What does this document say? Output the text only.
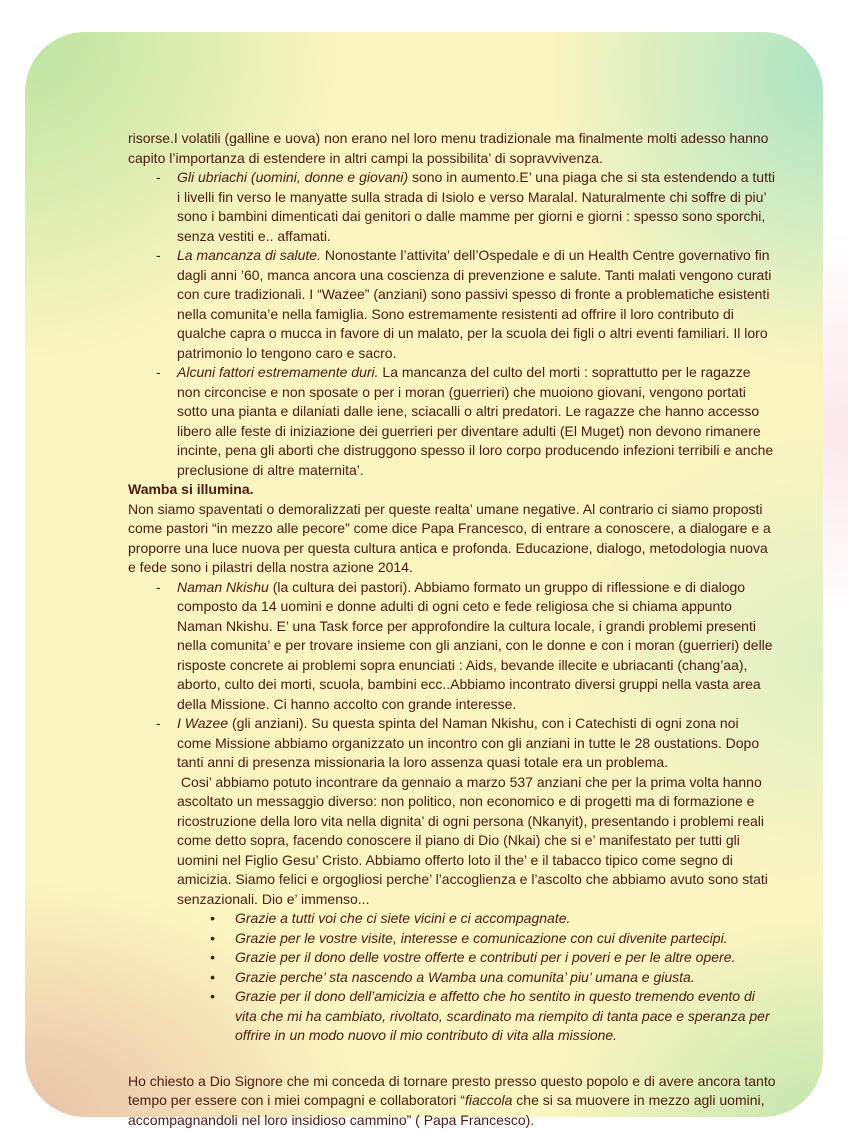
risorse.I volatili (galline e uova) non erano nel loro menu tradizionale ma finalmente molti adesso hanno capito l’importanza di estendere in altri campi la possibilita’ di sopravvivenza.

- Gli ubriachi (uomini, donne e giovani) sono in aumento.E’ una piaga che si sta estendendo a tutti i livelli fin verso le manyatte sulla strada di Isiolo e verso Maralal. Naturalmente chi soffre di piu’ sono i bambini dimenticati dai genitori o dalle mamme per giorni e giorni : spesso sono sporchi, senza vestiti e.. affamati.
- La mancanza di salute. Nonostante l’attivita’ dell’Ospedale e di un Health Centre governativo fin dagli anni ’60, manca ancora una coscienza di prevenzione e salute. Tanti malati vengono curati con cure tradizionali. I “Wazee” (anziani) sono passivi spesso di fronte a problematiche esistenti nella comunita’e nella famiglia. Sono estremamente resistenti ad offrire il loro contributo di qualche capra o mucca in favore di un malato, per la scuola dei figli o altri eventi familiari. Il loro patrimonio lo tengono caro e sacro.
- Alcuni fattori estremamente duri. La mancanza del culto del morti : soprattutto per le ragazze non circoncise e non sposate o per i moran (guerrieri) che muoiono giovani, vengono portati sotto una pianta e dilaniati dalle iene, sciacalli o altri predatori. Le ragazze che hanno accesso libero alle feste di iniziazione dei guerrieri per diventare adulti (El Muget) non devono rimanere incinte, pena gli aborti che distruggono spesso il loro corpo producendo infezioni terribili e anche preclusione di altre maternita’.

Wamba si illumina.

Non siamo spaventati o demoralizzati per queste realta’ umane negative. Al contrario ci siamo proposti come pastori “in mezzo alle pecore” come dice Papa Francesco, di entrare a conoscere, a dialogare e a proporre una luce nuova per questa cultura antica e profonda. Educazione, dialogo, metodologia nuova e fede sono i pilastri della nostra azione 2014.

- Naman Nkishu (la cultura dei pastori). Abbiamo formato un gruppo di riflessione e di dialogo composto da 14 uomini e donne adulti di ogni ceto e fede religiosa che si chiama appunto Naman Nkishu. E’ una Task force per approfondire la cultura locale, i grandi problemi presenti nella comunita’ e per trovare insieme con gli anziani, con le donne e con i moran (guerrieri) delle risposte concrete ai problemi sopra enunciati : Aids, bevande illecite e ubriacanti (chang’aa), aborto, culto dei morti, scuola, bambini ecc..Abbiamo incontrato diversi gruppi nella vasta area della Missione. Ci hanno accolto con grande interesse.
- I Wazee (gli anziani). Su questa spinta del Naman Nkishu, con i Catechisti di ogni zona noi come Missione abbiamo organizzato un incontro con gli anziani in tutte le 28 oustations. Dopo tanti anni di presenza missionaria la loro assenza quasi totale era un problema.
Cosi’ abbiamo potuto incontrare da gennaio a marzo 537 anziani che per la prima volta hanno ascoltato un messaggio diverso: non politico, non economico e di progetti ma di formazione e ricostruzione della loro vita nella dignita’ di ogni persona (Nkanyit), presentando i problemi reali come detto sopra, facendo conoscere il piano di Dio (Nkai) che si e’ manifestato per tutti gli uomini nel Figlio Gesu’ Cristo. Abbiamo offerto loto il the’ e il tabacco tipico come segno di amicizia. Siamo felici e orgogliosi perche’ l’accoglienza e l’ascolto che abbiamo avuto sono stati senzazionali. Dio e’ immenso...
• Grazie a tutti voi che ci siete vicini e ci accompagnate.
• Grazie per le vostre visite, interesse e comunicazione con cui divenite partecipi.
• Grazie per il dono delle vostre offerte e contributi per i poveri e per le altre opere.
• Grazie perche’ sta nascendo a Wamba una comunita’ piu’ umana e giusta.
• Grazie per il dono dell’amicizia e affetto che ho sentito in questo tremendo evento di vita che mi ha cambiato, rivoltato, scardinato ma riempito di tanta pace e speranza per offrire in un modo nuovo il mio contributo di vita alla missione.

Ho chiesto a Dio Signore che mi conceda di tornare presto presso questo popolo e di avere ancora tanto tempo per essere con i miei compagni e collaboratori “fiaccola che si sa muovere in mezzo agli uomini, accompagnandoli nel loro insidioso cammino” ( Papa Francesco).
